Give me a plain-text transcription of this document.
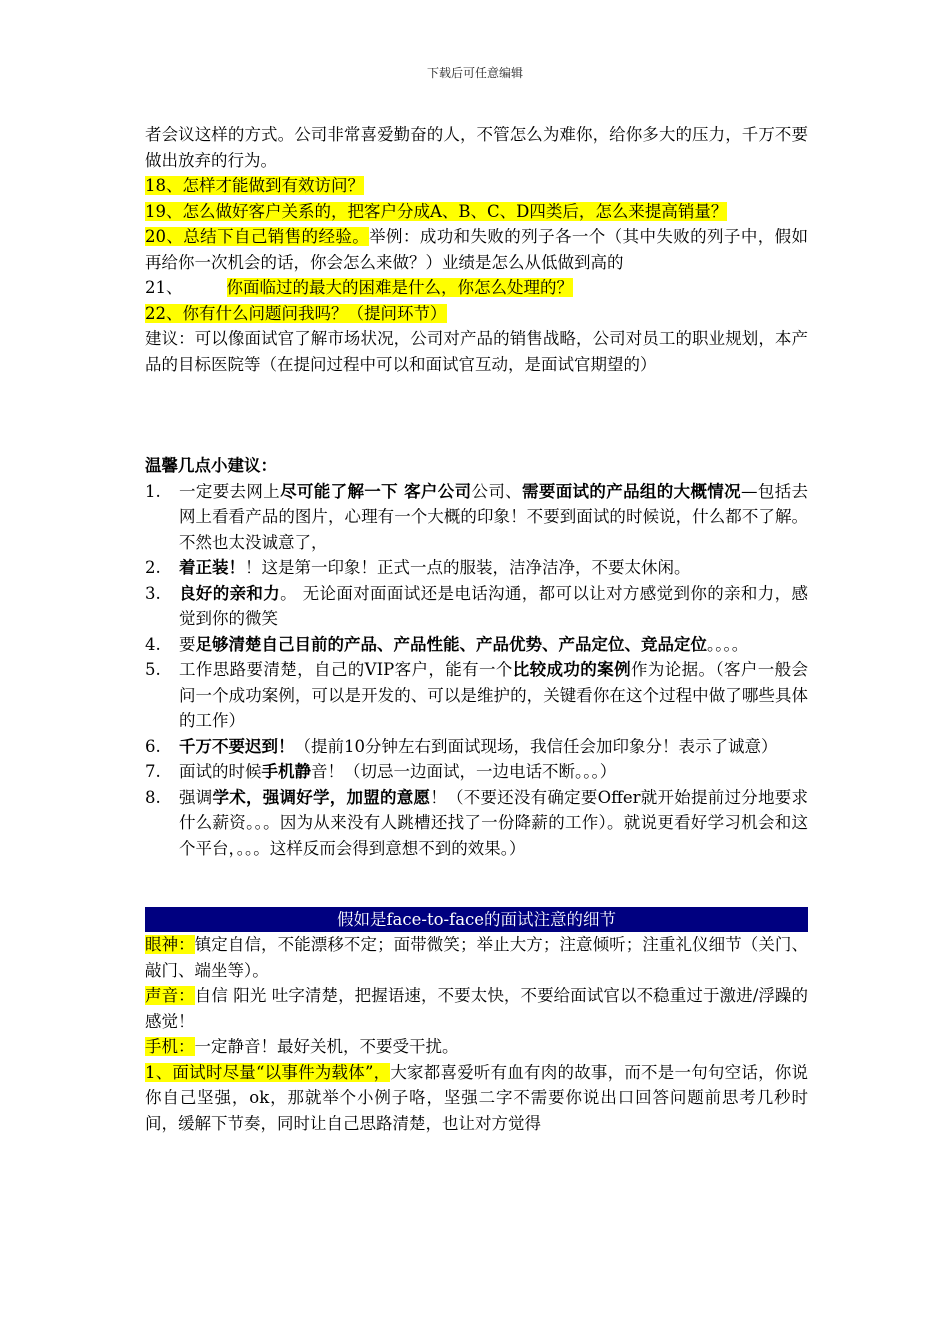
下载后可任意编辑

者会议这样的方式。公司非常喜爱勤奋的人，不管怎么为难你，给你多大的压力，千万不要做出放弃的行为。

18、怎样才能做到有效访问？

19、怎么做好客户关系的，把客户分成A、B、C、D四类后，怎么来提高销量？

20、总结下自己销售的经验。举例：成功和失败的列子各一个（其中失败的列子中，假如再给你一次机会的话，你会怎么来做？）业绩是怎么从低做到高的

21、	你面临过的最大的困难是什么，你怎么处理的？

22、你有什么问题问我吗？（提问环节）

建议：可以像面试官了解市场状况，公司对产品的销售战略，公司对员工的职业规划，本产品的目标医院等（在提问过程中可以和面试官互动，是面试官期望的）

温馨几点小建议：

1. 一定要去网上尽可能了解一下 客户公司公司、需要面试的产品组的大概情况—包括去网上看看产品的图片，心理有一个大概的印象！不要到面试的时候说，什么都不了解。不然也太没诚意了，
2. 着正装！！这是第一印象！正式一点的服装，洁净洁净，不要太休闲。
3. 良好的亲和力。 无论面对面面试还是电话沟通，都可以让对方感觉到你的亲和力，感觉到你的微笑
4. 要足够清楚自己目前的产品、产品性能、产品优势、产品定位、竞品定位。。。。
5. 工作思路要清楚，自己的VIP客户，能有一个比较成功的案例作为论据。（客户一般会问一个成功案例，可以是开发的、可以是维护的，关键看你在这个过程中做了哪些具体的工作）
6. 千万不要迟到！（提前10分钟左右到面试现场，我信任会加印象分！表示了诚意）
7. 面试的时候手机静音！（切忌一边面试，一边电话不断。。。）
8. 强调学术，强调好学，加盟的意愿！（不要还没有确定要Offer就开始提前过分地要求什么薪资。。。因为从来没有人跳槽还找了一份降薪的工作）。就说更看好学习机会和这个平台，。。。这样反而会得到意想不到的效果。）
假如是face-to-face的面试注意的细节

眼神：镇定自信，不能漂移不定；面带微笑；举止大方；注意倾听；注重礼仪细节（关门、敲门、端坐等）。

声音：自信 阳光 吐字清楚，把握语速，不要太快，不要给面试官以不稳重过于激进/浮躁的感觉！

手机：一定静音！最好关机，不要受干扰。

1、面试时尽量“以事件为载体”，大家都喜爱听有血有肉的故事，而不是一句句空话，你说你自己坚强，ok，那就举个小例子咯，坚强二字不需要你说出口回答问题前思考几秒时间，缓解下节奏，同时让自己思路清楚，也让对方觉得
